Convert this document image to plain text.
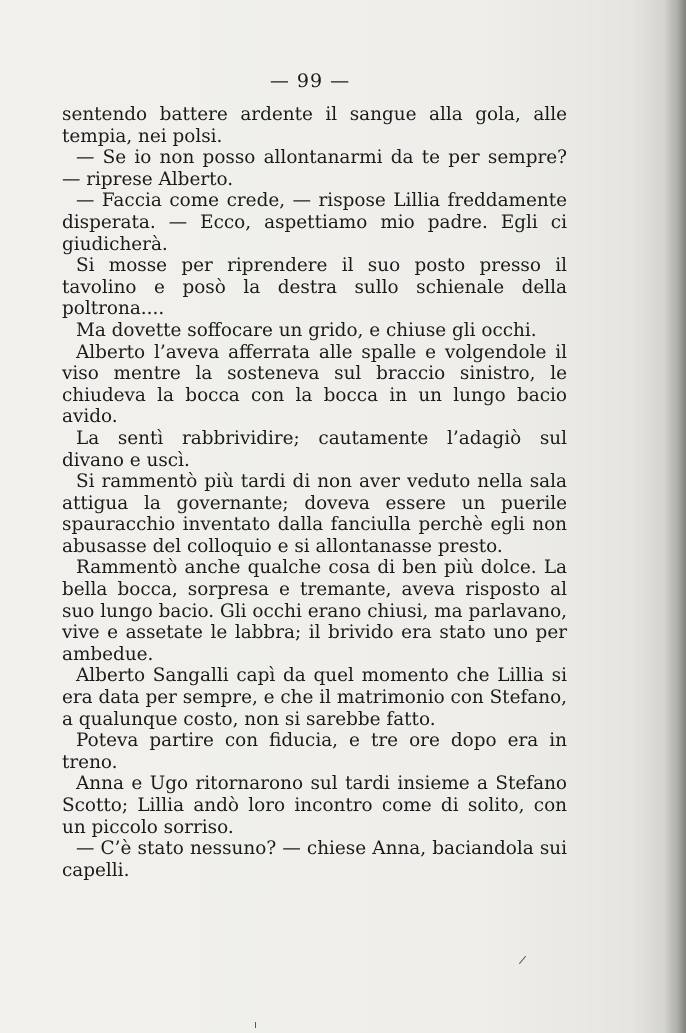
— 99 —

sentendo battere ardente il sangue alla gola, alle tempia, nei polsi.

— Se io non posso allontanarmi da te per sempre? — riprese Alberto.

— Faccia come crede, — rispose Lillia freddamente disperata. — Ecco, aspettiamo mio padre. Egli ci giudicherà.

Si mosse per riprendere il suo posto presso il tavolino e posò la destra sullo schienale della poltrona....

Ma dovette soffocare un grido, e chiuse gli occhi.

Alberto l’aveva afferrata alle spalle e volgendole il viso mentre la sosteneva sul braccio sinistro, le chiudeva la bocca con la bocca in un lungo bacio avido.

La sentì rabbrividire; cautamente l’adagiò sul divano e uscì.

Si rammentò più tardi di non aver veduto nella sala attigua la governante; doveva essere un puerile spauracchio inventato dalla fanciulla perchè egli non abusasse del colloquio e si allontanasse presto.

Rammentò anche qualche cosa di ben più dolce. La bella bocca, sorpresa e tremante, aveva risposto al suo lungo bacio. Gli occhi erano chiusi, ma parlavano, vive e assetate le labbra; il brivido era stato uno per ambedue.

Alberto Sangalli capì da quel momento che Lillia si era data per sempre, e che il matrimonio con Stefano, a qualunque costo, non si sarebbe fatto.

Poteva partire con fiducia, e tre ore dopo era in treno.

Anna e Ugo ritornarono sul tardi insieme a Stefano Scotto; Lillia andò loro incontro come di solito, con un piccolo sorriso.

— C’è stato nessuno? — chiese Anna, baciandola sui capelli.
